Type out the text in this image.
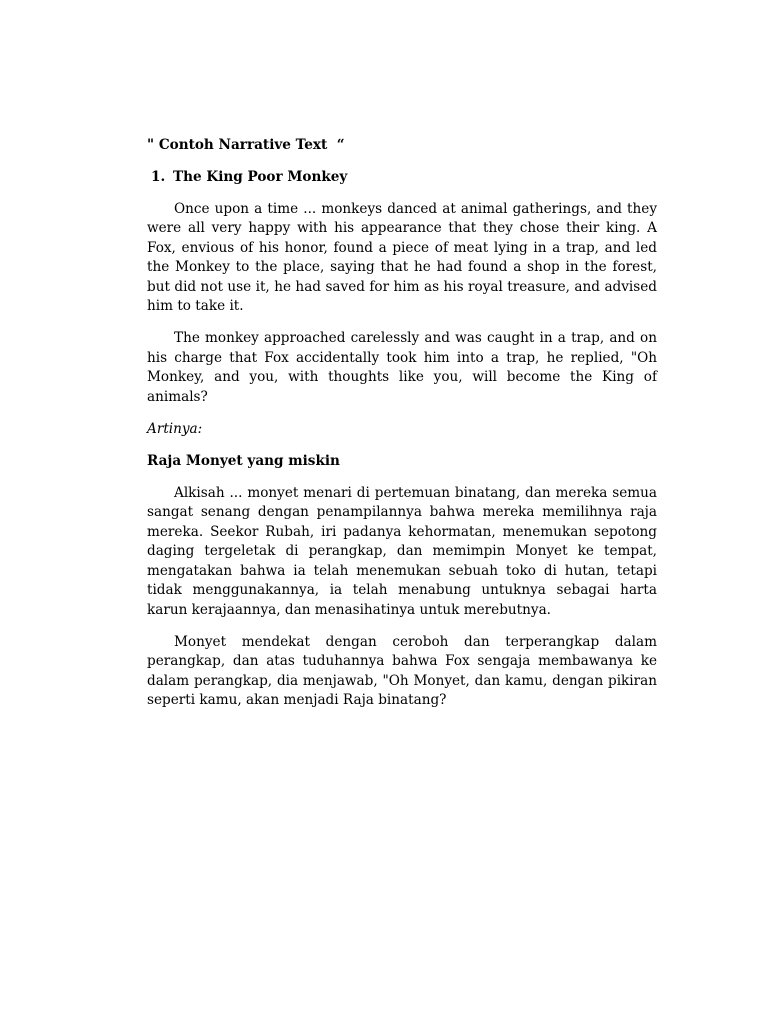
" Contoh Narrative Text  “
1. The King Poor Monkey

Once upon a time ... monkeys danced at animal gatherings, and they were all very happy with his appearance that they chose their king. A Fox, envious of his honor, found a piece of meat lying in a trap, and led the Monkey to the place, saying that he had found a shop in the forest, but did not use it, he had saved for him as his royal treasure, and advised him to take it.

The monkey approached carelessly and was caught in a trap, and on his charge that Fox accidentally took him into a trap, he replied, "Oh Monkey, and you, with thoughts like you, will become the King of animals?

Artinya:
Raja Monyet yang miskin

Alkisah ... monyet menari di pertemuan binatang, dan mereka semua sangat senang dengan penampilannya bahwa mereka memilihnya raja mereka. Seekor Rubah, iri padanya kehormatan, menemukan sepotong daging tergeletak di perangkap, dan memimpin Monyet ke tempat, mengatakan bahwa ia telah menemukan sebuah toko di hutan, tetapi tidak menggunakannya, ia telah menabung untuknya sebagai harta karun kerajaannya, dan menasihatinya untuk merebutnya.

Monyet mendekat dengan ceroboh dan terperangkap dalam perangkap, dan atas tuduhannya bahwa Fox sengaja membawanya ke dalam perangkap, dia menjawab, "Oh Monyet, dan kamu, dengan pikiran seperti kamu, akan menjadi Raja binatang?
